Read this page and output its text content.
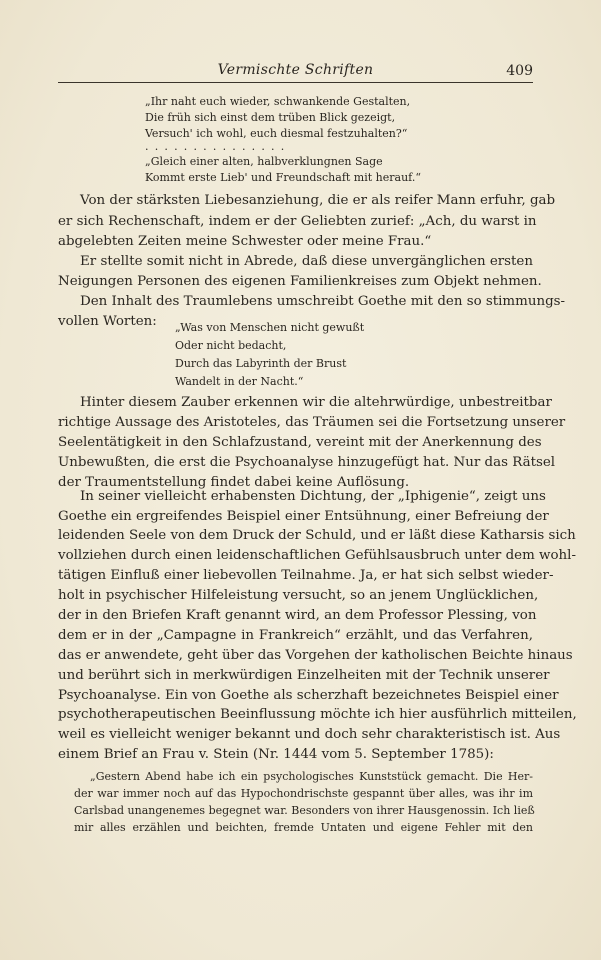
Vermischte Schriften	409
„Ihr naht euch wieder, schwankende Gestalten,
Die früh sich einst dem trüben Blick gezeigt,
Versuch' ich wohl, euch diesmal festzuhalten?“
...............
„Gleich einer alten, halbverklungnen Sage
Kommt erste Lieb' und Freundschaft mit herauf.“
Von der stärksten Liebesanziehung, die er als reifer Mann erfuhr, gab
er sich Rechenschaft, indem er der Geliebten zurief: „Ach, du warst in
abgelebten Zeiten meine Schwester oder meine Frau.“
Er stellte somit nicht in Abrede, daß diese unvergänglichen ersten
Neigungen Personen des eigenen Familienkreises zum Objekt nehmen.
Den Inhalt des Traumlebens umschreibt Goethe mit den so stimmungs-
vollen Worten: „Was von Menschen nicht gewußt
Oder nicht bedacht,
Durch das Labyrinth der Brust
Wandelt in der Nacht.“
Hinter diesem Zauber erkennen wir die altehrwürdige, unbestreitbar
richtige Aussage des Aristoteles, das Träumen sei die Fortsetzung unserer
Seelentätigkeit in den Schlafzustand, vereint mit der Anerkennung des
Unbewußten, die erst die Psychoanalyse hinzugefügt hat. Nur das Rätsel
der Traumentstellung findet dabei keine Auflösung.
In seiner vielleicht erhabensten Dichtung, der „Iphigenie“, zeigt uns
Goethe ein ergreifendes Beispiel einer Entsühnung, einer Befreiung der
leidenden Seele von dem Druck der Schuld, und er läßt diese Katharsis sich
vollziehen durch einen leidenschaftlichen Gefühlsausbruch unter dem wohl-
tätigen Einfluß einer liebevollen Teilnahme. Ja, er hat sich selbst wieder-
holt in psychischer Hilfeleistung versucht, so an jenem Unglücklichen,
der in den Briefen Kraft genannt wird, an dem Professor Plessing, von
dem er in der „Campagne in Frankreich“ erzählt, und das Verfahren,
das er anwendete, geht über das Vorgehen der katholischen Beichte hinaus
und berührt sich in merkwürdigen Einzelheiten mit der Technik unserer
Psychoanalyse. Ein von Goethe als scherzhaft bezeichnetes Beispiel einer
psychotherapeutischen Beeinflussung möchte ich hier ausführlich mitteilen,
weil es vielleicht weniger bekannt und doch sehr charakteristisch ist. Aus
einem Brief an Frau v. Stein (Nr. 1444 vom 5. September 1785):
„Gestern Abend habe ich ein psychologisches Kunststück gemacht. Die Her-
der war immer noch auf das Hypochondrischste gespannt über alles, was ihr im
Carlsbad unangenemes begegnet war. Besonders von ihrer Hausgenossin. Ich ließ
mir alles erzählen und beichten, fremde Untaten und eigene Fehler mit den
